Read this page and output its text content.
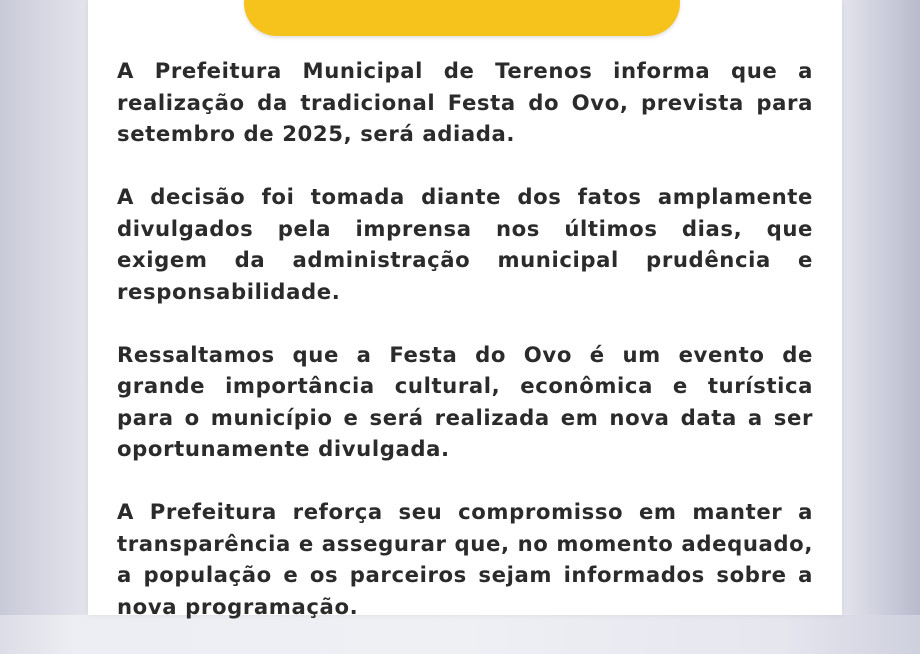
A Prefeitura Municipal de Terenos informa que a realização da tradicional Festa do Ovo, prevista para setembro de 2025, será adiada.

A decisão foi tomada diante dos fatos amplamente divulgados pela imprensa nos últimos dias, que exigem da administração municipal prudência e responsabilidade.

Ressaltamos que a Festa do Ovo é um evento de grande importância cultural, econômica e turística para o município e será realizada em nova data a ser oportunamente divulgada.

A Prefeitura reforça seu compromisso em manter a transparência e assegurar que, no momento adequado, a população e os parceiros sejam informados sobre a nova programação.
